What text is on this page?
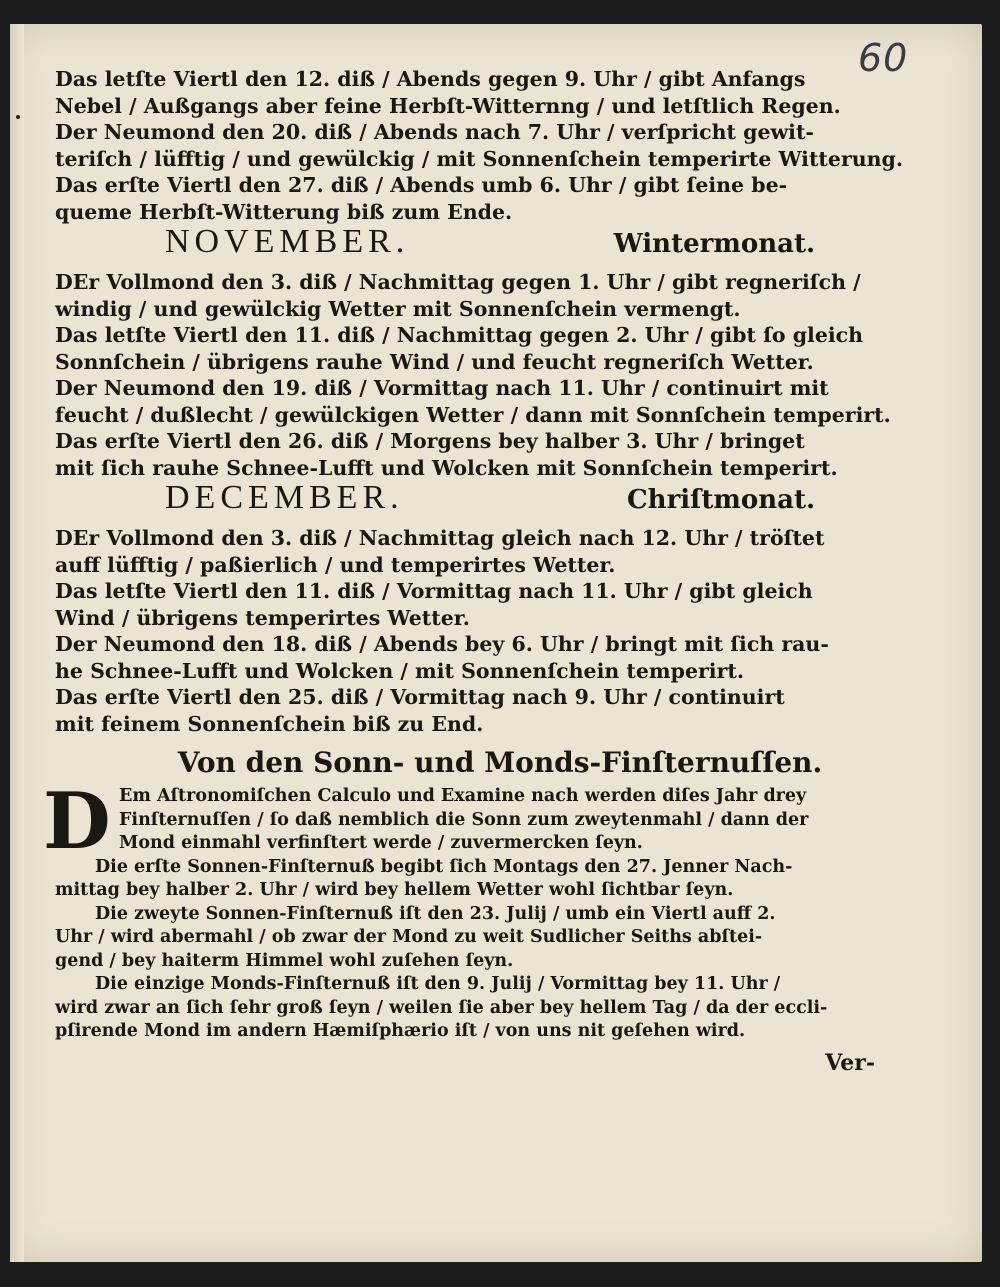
60
Das letſte Viertl den 12. diß / Abends gegen 9. Uhr / gibt Anfangs
Nebel / Außgangs aber feine Herbſt-Witternng / und letſtlich Regen.
Der Neumond den 20. diß / Abends nach 7. Uhr / verſpricht gewit-
teriſch / lüfftig / und gewülckig / mit Sonnenſchein temperirte Witterung.
Das erſte Viertl den 27. diß / Abends umb 6. Uhr / gibt ſeine be-
queme Herbſt-Witterung biß zum Ende.
NOVEMBER.	Wintermonat.
DEr Vollmond den 3. diß / Nachmittag gegen 1. Uhr / gibt regneriſch /
windig / und gewülckig Wetter mit Sonnenſchein vermengt.
Das letſte Viertl den 11. diß / Nachmittag gegen 2. Uhr / gibt ſo gleich
Sonnſchein / übrigens rauhe Wind / und feucht regneriſch Wetter.
Der Neumond den 19. diß / Vormittag nach 11. Uhr / continuirt mit
feucht / dußlecht / gewülckigen Wetter / dann mit Sonnſchein temperirt.
Das erſte Viertl den 26. diß / Morgens bey halber 3. Uhr / bringet
mit ſich rauhe Schnee-Lufft und Wolcken mit Sonnſchein temperirt.
DECEMBER.	Chriſtmonat.
DEr Vollmond den 3. diß / Nachmittag gleich nach 12. Uhr / tröſtet
auff lüfftig / paßierlich / und temperirtes Wetter.
Das letſte Viertl den 11. diß / Vormittag nach 11. Uhr / gibt gleich
Wind / übrigens temperirtes Wetter.
Der Neumond den 18. diß / Abends bey 6. Uhr / bringt mit ſich rau-
he Schnee-Lufft und Wolcken / mit Sonnenſchein temperirt.
Das erſte Viertl den 25. diß / Vormittag nach 9. Uhr / continuirt
mit feinem Sonnenſchein biß zu End.
Von den Sonn- und Monds-Finſternuſſen.
D Em Aſtronomiſchen Calculo und Examine nach werden diſes Jahr drey
Finſternuſſen / ſo daß nemblich die Sonn zum zweytenmahl / dann der
Mond einmahl verfinſtert werde / zuvermercken ſeyn.
Die erſte Sonnen-Finſternuß begibt ſich Montags den 27. Jenner Nach-
mittag bey halber 2. Uhr / wird bey hellem Wetter wohl ſichtbar ſeyn.
Die zweyte Sonnen-Finſternuß iſt den 23. Julij / umb ein Viertl auff 2.
Uhr / wird abermahl / ob zwar der Mond zu weit Sudlicher Seiths abſtei-
gend / bey haiterm Himmel wohl zuſehen ſeyn.
Die einzige Monds-Finſternuß iſt den 9. Julij / Vormittag bey 11. Uhr /
wird zwar an ſich ſehr groß ſeyn / weilen ſie aber bey hellem Tag / da der eccli-
pſirende Mond im andern Hæmiſphærio iſt / von uns nit geſehen wird.
Ver-
